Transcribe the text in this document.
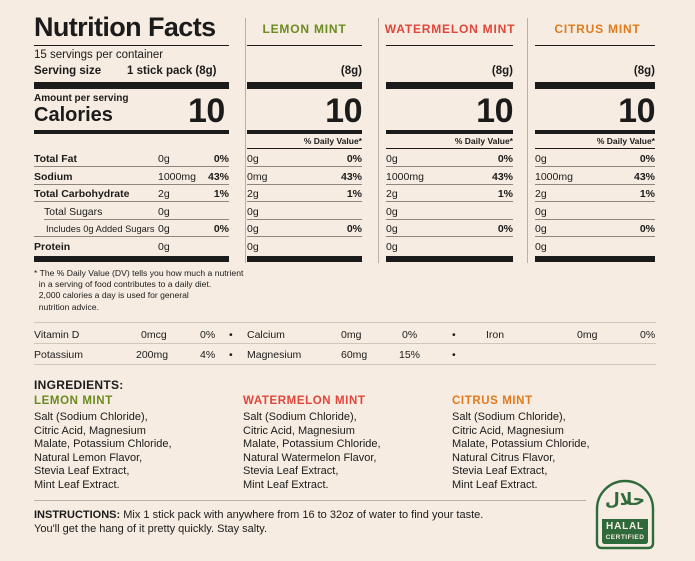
Nutrition Facts
15 servings per container
Serving size 1 stick pack (8g)
Amount per serving
Calories 10
Total Fat	0g	0%
Sodium	1000mg	43%
Total Carbohydrate	2g	1%
Total Sugars	0g
Includes 0g Added Sugars 0g	0%
Protein	0g
* The % Daily Value (DV) tells you how much a nutrient
in a serving of food contributes to a daily diet.
2,000 calories a day is used for general
nutrition advice.
LEMON MINT
(8g)
10
% Daily Value*
0g	0%
0mg	43%
2g	1%
0g
0g	0%
0g
WATERMELON MINT
(8g)
10
% Daily Value*
0g	0%
1000mg	43%
2g	1%
0g
0g	0%
0g
CITRUS MINT
(8g)
10
% Daily Value*
0g	0%
1000mg	43%
2g	1%
0g
0g	0%
0g
Vitamin D	0mcg	0% • Calcium	0mg	0%	•	Iron	0mg	0%
Potassium	200mg	4% • Magnesium	60mg	15%	•
INGREDIENTS:
LEMON MINT
Salt (Sodium Chloride),
Citric Acid, Magnesium
Malate, Potassium Chloride,
Natural Lemon Flavor,
Stevia Leaf Extract,
Mint Leaf Extract.
WATERMELON MINT
Salt (Sodium Chloride),
Citric Acid, Magnesium
Malate, Potassium Chloride,
Natural Watermelon Flavor,
Stevia Leaf Extract,
Mint Leaf Extract.
CITRUS MINT
Salt (Sodium Chloride),
Citric Acid, Magnesium
Malate, Potassium Chloride,
Natural Citrus Flavor,
Stevia Leaf Extract,
Mint Leaf Extract.
INSTRUCTIONS: Mix 1 stick pack with anywhere from 16 to 32oz of water to find your taste.
You'll get the hang of it pretty quickly. Stay salty.
حلال
HALAL
CERTIFIED
